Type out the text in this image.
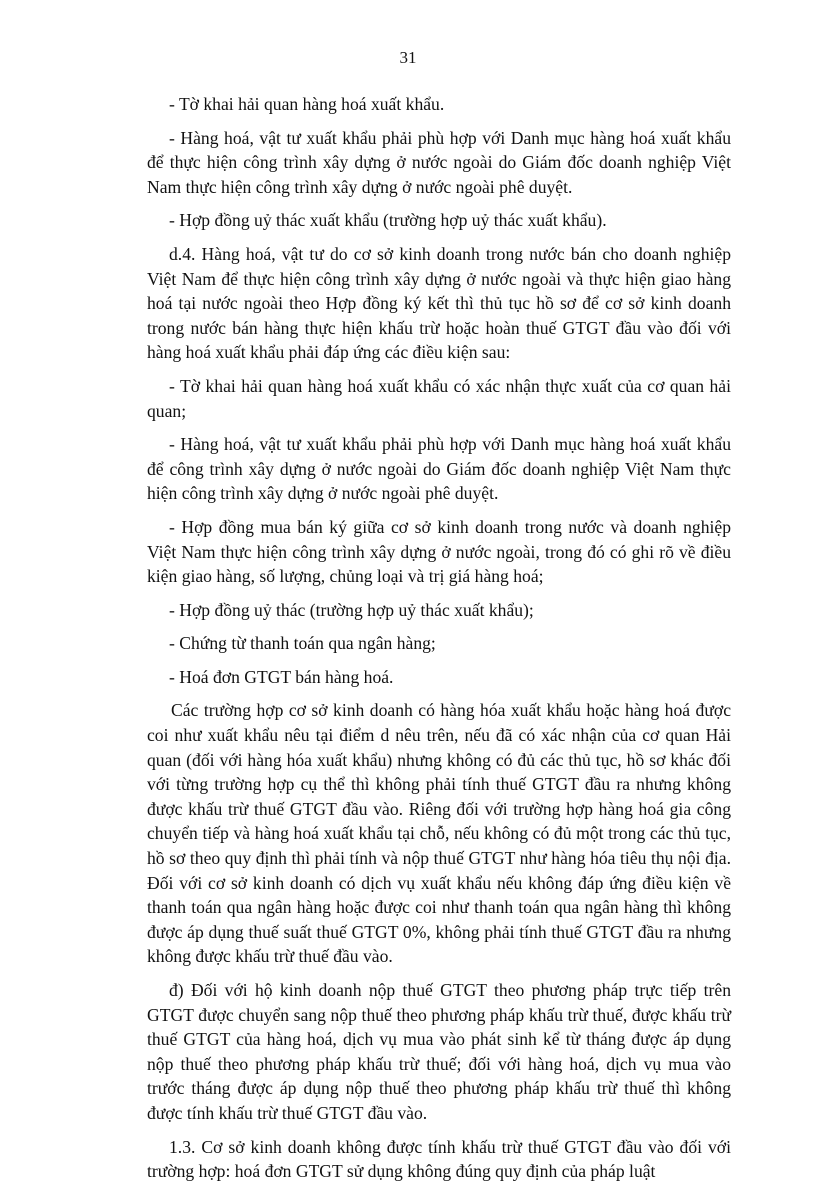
31

- Tờ khai hải quan hàng hoá xuất khẩu.

- Hàng hoá, vật tư xuất khẩu phải phù hợp với Danh mục hàng hoá xuất khẩu để thực hiện công trình xây dựng ở nước ngoài do Giám đốc doanh nghiệp Việt Nam thực hiện công trình xây dựng ở nước ngoài phê duyệt.

- Hợp đồng uỷ thác xuất khẩu (trường hợp uỷ thác xuất khẩu).

d.4. Hàng hoá, vật tư do cơ sở kinh doanh trong nước bán cho doanh nghiệp Việt Nam để thực hiện công trình xây dựng ở nước ngoài và thực hiện giao hàng hoá tại nước ngoài theo Hợp đồng ký kết thì thủ tục hồ sơ để cơ sở kinh doanh trong nước bán hàng thực hiện khấu trừ hoặc hoàn thuế GTGT đầu vào đối với hàng hoá xuất khẩu phải đáp ứng các điều kiện sau:

- Tờ khai hải quan hàng hoá xuất khẩu có xác nhận thực xuất của cơ quan hải quan;

- Hàng hoá, vật tư xuất khẩu phải phù hợp với Danh mục hàng hoá xuất khẩu để công trình xây dựng ở nước ngoài do Giám đốc doanh nghiệp Việt Nam thực hiện công trình xây dựng ở nước ngoài phê duyệt.

- Hợp đồng mua bán ký giữa cơ sở kinh doanh trong nước và doanh nghiệp Việt Nam thực hiện công trình xây dựng ở nước ngoài, trong đó có ghi rõ về điều kiện giao hàng, số lượng, chủng loại và trị giá hàng hoá;

- Hợp đồng uỷ thác (trường hợp uỷ thác xuất khẩu);

- Chứng từ thanh toán qua ngân hàng;

- Hoá đơn GTGT bán hàng hoá.

Các trường hợp cơ sở kinh doanh có hàng hóa xuất khẩu hoặc hàng hoá được coi như xuất khẩu nêu tại điểm d nêu trên, nếu đã có xác nhận của cơ quan Hải quan (đối với hàng hóa xuất khẩu) nhưng không có đủ các thủ tục, hồ sơ khác đối với từng trường hợp cụ thể thì không phải tính thuế GTGT đầu ra nhưng không được khấu trừ thuế GTGT đầu vào. Riêng đối với trường hợp hàng hoá gia công chuyển tiếp và hàng hoá xuất khẩu tại chỗ, nếu không có đủ một trong các thủ tục, hồ sơ theo quy định thì phải tính và nộp thuế GTGT như hàng hóa tiêu thụ nội địa. Đối với cơ sở kinh doanh có dịch vụ xuất khẩu nếu không đáp ứng điều kiện về thanh toán qua ngân hàng hoặc được coi như thanh toán qua ngân hàng thì không được áp dụng thuế suất thuế GTGT 0%, không phải tính thuế GTGT đầu ra nhưng không được khấu trừ thuế đầu vào.

đ) Đối với hộ kinh doanh nộp thuế GTGT theo phương pháp trực tiếp trên GTGT được chuyển sang nộp thuế theo phương pháp khấu trừ thuế, được khấu trừ thuế GTGT của hàng hoá, dịch vụ mua vào phát sinh kể từ tháng được áp dụng nộp thuế theo phương pháp khấu trừ thuế; đối với hàng hoá, dịch vụ mua vào trước tháng được áp dụng nộp thuế theo phương pháp khấu trừ thuế thì không được tính khấu trừ thuế GTGT đầu vào.

1.3. Cơ sở kinh doanh không được tính khấu trừ thuế GTGT đầu vào đối với trường hợp: hoá đơn GTGT sử dụng không đúng quy định của pháp luật
